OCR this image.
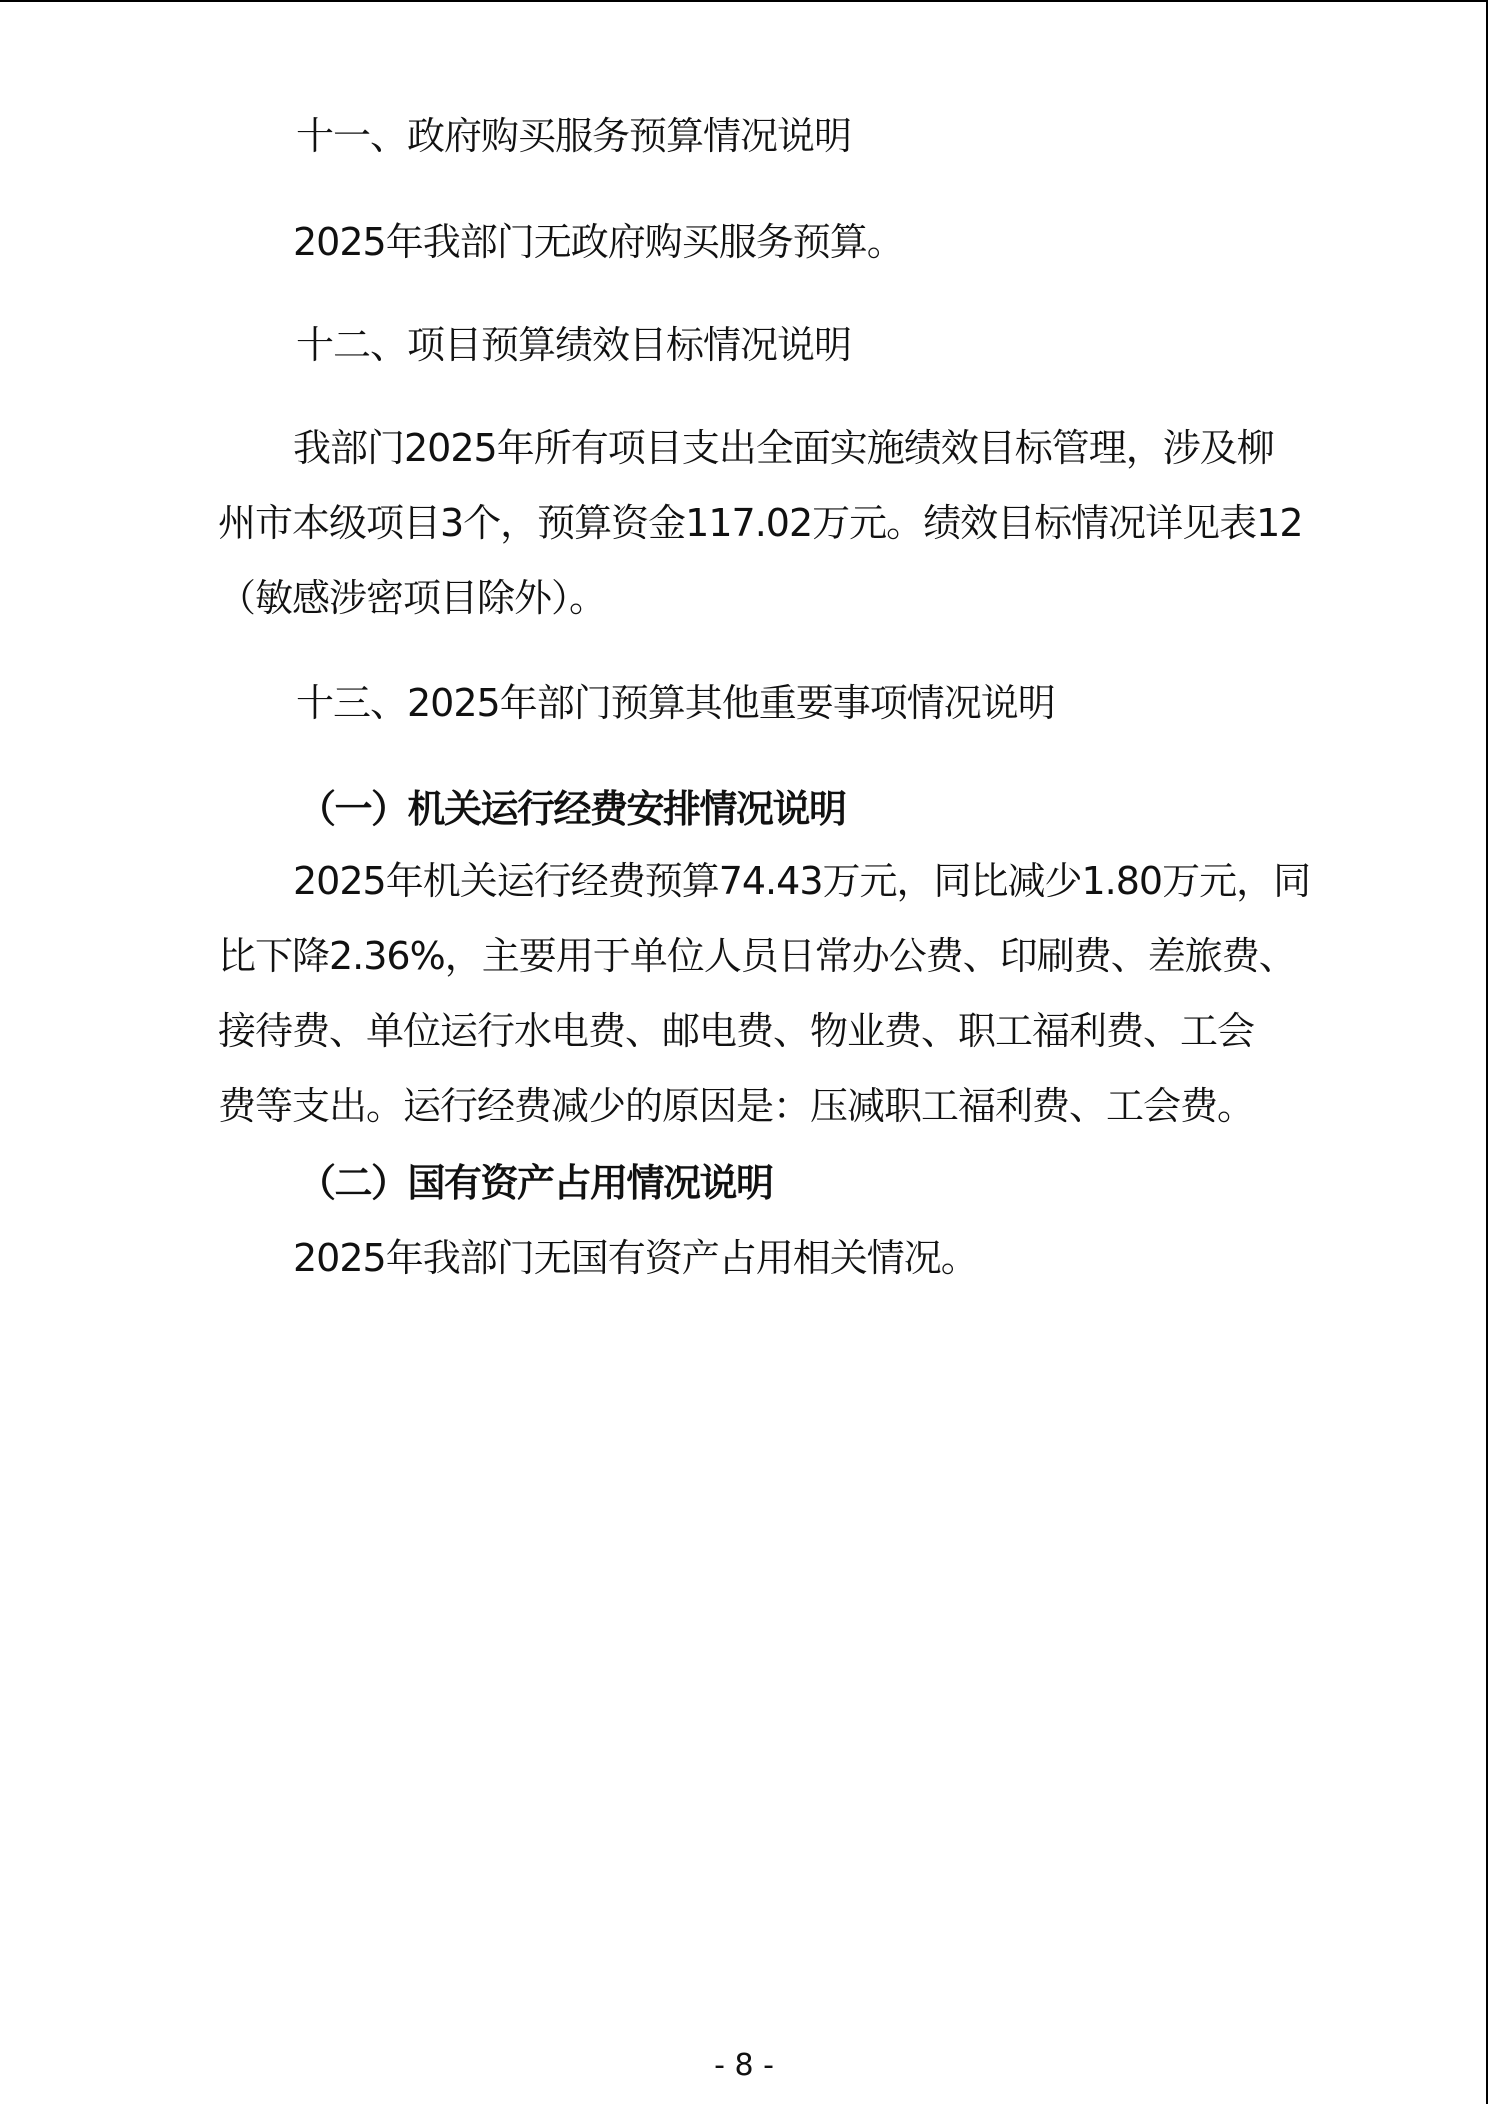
十一、政府购买服务预算情况说明

2025年我部门无政府购买服务预算。

十二、项目预算绩效目标情况说明
我部门2025年所有项目支出全面实施绩效目标管理，涉及柳
州市本级项目3个，预算资金117.02万元。绩效目标情况详见表12
（敏感涉密项目除外）。
十三、2025年部门预算其他重要事项情况说明
（一）机关运行经费安排情况说明
2025年机关运行经费预算74.43万元，同比减少1.80万元，同
比下降2.36%，主要用于单位人员日常办公费、印刷费、差旅费、
接待费、单位运行水电费、邮电费、物业费、职工福利费、工会
费等支出。运行经费减少的原因是：压减职工福利费、工会费。
（二）国有资产占用情况说明

2025年我部门无国有资产占用相关情况。

- 8 -
